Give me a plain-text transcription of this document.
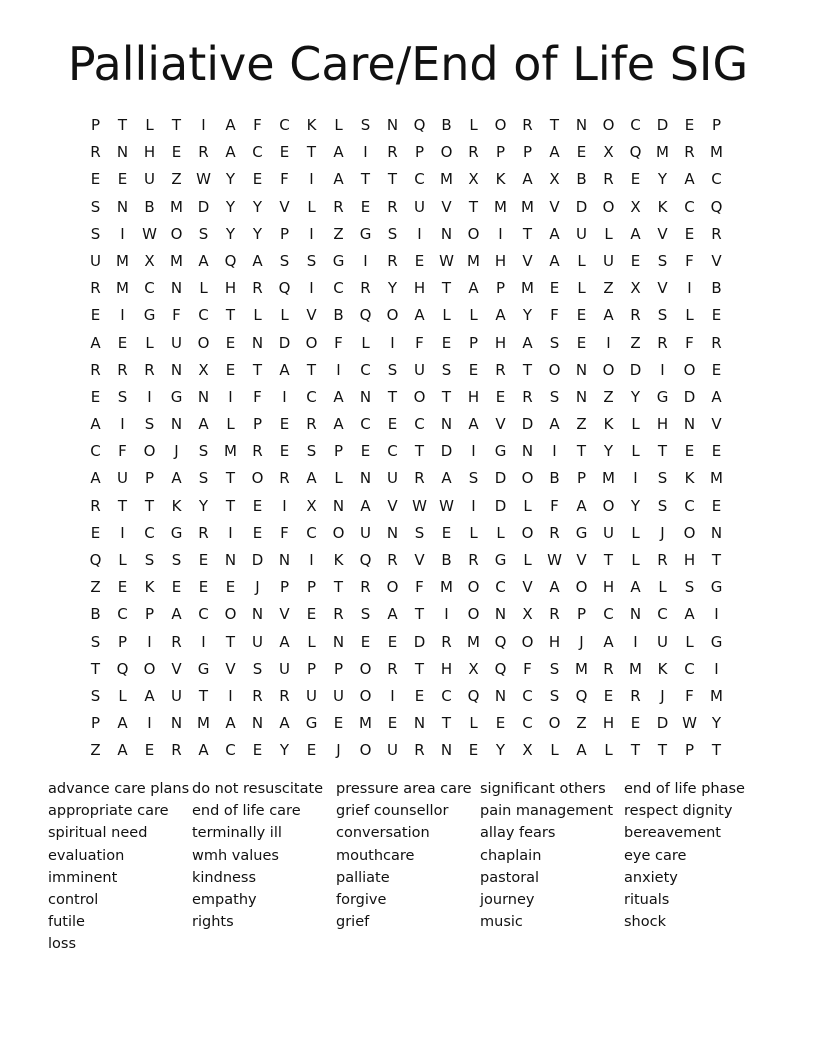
Palliative Care/End of Life SIG
P	T	L	T	I	A	F	C	K	L	S	N	Q	B	L	O	R	T	N	O	C	D	E	P
R	N	H	E	R	A	C	E	T	A	I	R	P	O	R	P	P	A	E	X	Q M	R	M
E	E	U	Z W Y	E	F	I	A	T	T	C	M	X	K	A	X	B	R	E	Y	A	C
S	N	B	M D	Y	Y	V	L	R	E	R	U	V	T	M M	V	D	O	X	K	C	Q
S	I	W O	S	Y	Y	P	I	Z	G	S	I	N	O	I	T	A	U	L	A	V	E	R
U	M	X	M	A	Q	A	S	S	G	I	R	E W M H	V	A	L	U	E	S	F	V
R	M	C	N	L	H	R	Q	I	C	R	Y	H	T	A	P	M	E	L	Z	X	V	I	B
E	I	G	F	C	T	L	L	V	B	Q	O	A	L	L	A	Y	F	E	A	R	S	L	E
A	E	L	U	O	E	N	D	O	F	L	I	F	E	P	H	A	S	E	I	Z	R	F	R
R	R	R	N	X	E	T	A	T	I	C	S	U	S	E	R	T	O	N	O	D	I	O	E
E	S	I	G	N	I	F	I	C	A	N	T	O	T	H	E	R	S	N	Z	Y	G	D	A
A	I	S	N	A	L	P	E	R	A	C	E	C	N	A	V	D	A	Z	K	L	H	N	V
C	F	O	J	S	M	R	E	S	P	E	C	T	D	I	G	N	I	T	Y	L	T	E	E
A	U	P	A	S	T	O	R	A	L	N	U	R	A	S	D	O	B	P	M	I	S	K	M
R	T	T	K	Y	T	E	I	X	N	A	V W W	I	D	L	F	A	O	Y	S	C	E
E	I	C	G	R	I	E	F	C	O	U	N	S	E	L	L	O	R	G	U	L	J	O	N
Q	L	S	S	E	N	D	N	I	K	Q	R	V	B	R	G	L	W V	T	L	R	H	T
Z	E	K	E	E	E	J	P	P	T	R	O	F	M O	C	V	A	O	H	A	L	S	G
B	C	P	A	C	O	N	V	E	R	S	A	T	I	O	N	X	R	P	C	N	C	A	I
S	P	I	R	I	T	U	A	L	N	E	E	D	R	M Q	O	H	J	A	I	U	L	G
T	Q	O	V	G	V	S	U	P	P	O	R	T	H	X	Q	F	S	M	R	M	K	C	I
S	L	A	U	T	I	R	R	U	U	O	I	E	C	Q	N	C	S	Q	E	R	J	F	M
P	A	I	N M	A	N	A	G	E	M	E	N	T	L	E	C	O	Z	H	E	D W Y
Z	A	E	R	A	C	E	Y	E	J	O	U	R	N	E	Y	X	L	A	L	T	T	P	T
advance care plans
appropriate care
spiritual need
evaluation
imminent
control
futile
loss
do not resuscitate
end of life care
terminally ill
wmh values
kindness
empathy
rights
pressure area care
grief counsellor
conversation
mouthcare
palliate
forgive
grief
significant others
pain management
allay fears
chaplain
pastoral
journey
music
end of life phase
respect dignity
bereavement
eye care
anxiety
rituals
shock
